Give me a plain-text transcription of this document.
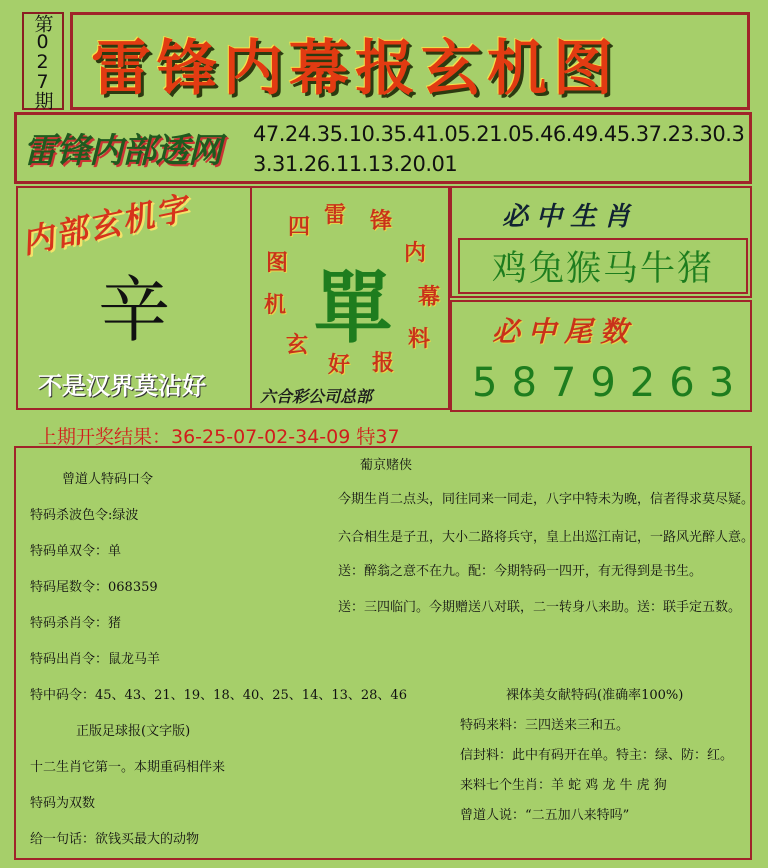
第027期 雷锋内幕报玄机图
雷锋内部透网 47.24.35.10.35.41.05.21.05.46.49.45.37.23.30.33.31.26.11.13.20.01
内部玄机字
辛
不是汉界莫沾好
雷 锋
内
幕
料
报
好
玄
机
图
四
單
六合彩公司总部
必中生肖
鸡兔猴马牛猪
必中尾数
5879263
上期开奖结果：36-25-07-02-34-09 特37
曾道人特码口令
特码杀波色令:绿波
特码单双令：单
特码尾数令：068359
特码杀肖令：猪
特码出肖令：鼠龙马羊
特中码令：45、43、21、19、18、40、25、14、13、28、46
正版足球报(文字版)
十二生肖它第一。本期重码相伴来
特码为双数
给一句话：欲钱买最大的动物
葡京赌侠
今期生肖二点头，同往同来一同走，八字中特未为晚，信者得求莫尽疑。
六合相生是子丑，大小二路将兵守，皇上出巡江南记，一路风光醉人意。
送：醉翁之意不在九。配：今期特码一四开，有无得到是书生。
送：三四临门。今期赠送八对联，二一转身八来助。送：联手定五数。
裸体美女献特码(准确率100%)
特码来料：三四送来三和五。
信封料：此中有码开在单。特主：绿、防：红。
来料七个生肖：羊 蛇 鸡 龙 牛 虎 狗
曾道人说：“二五加八来特吗”
